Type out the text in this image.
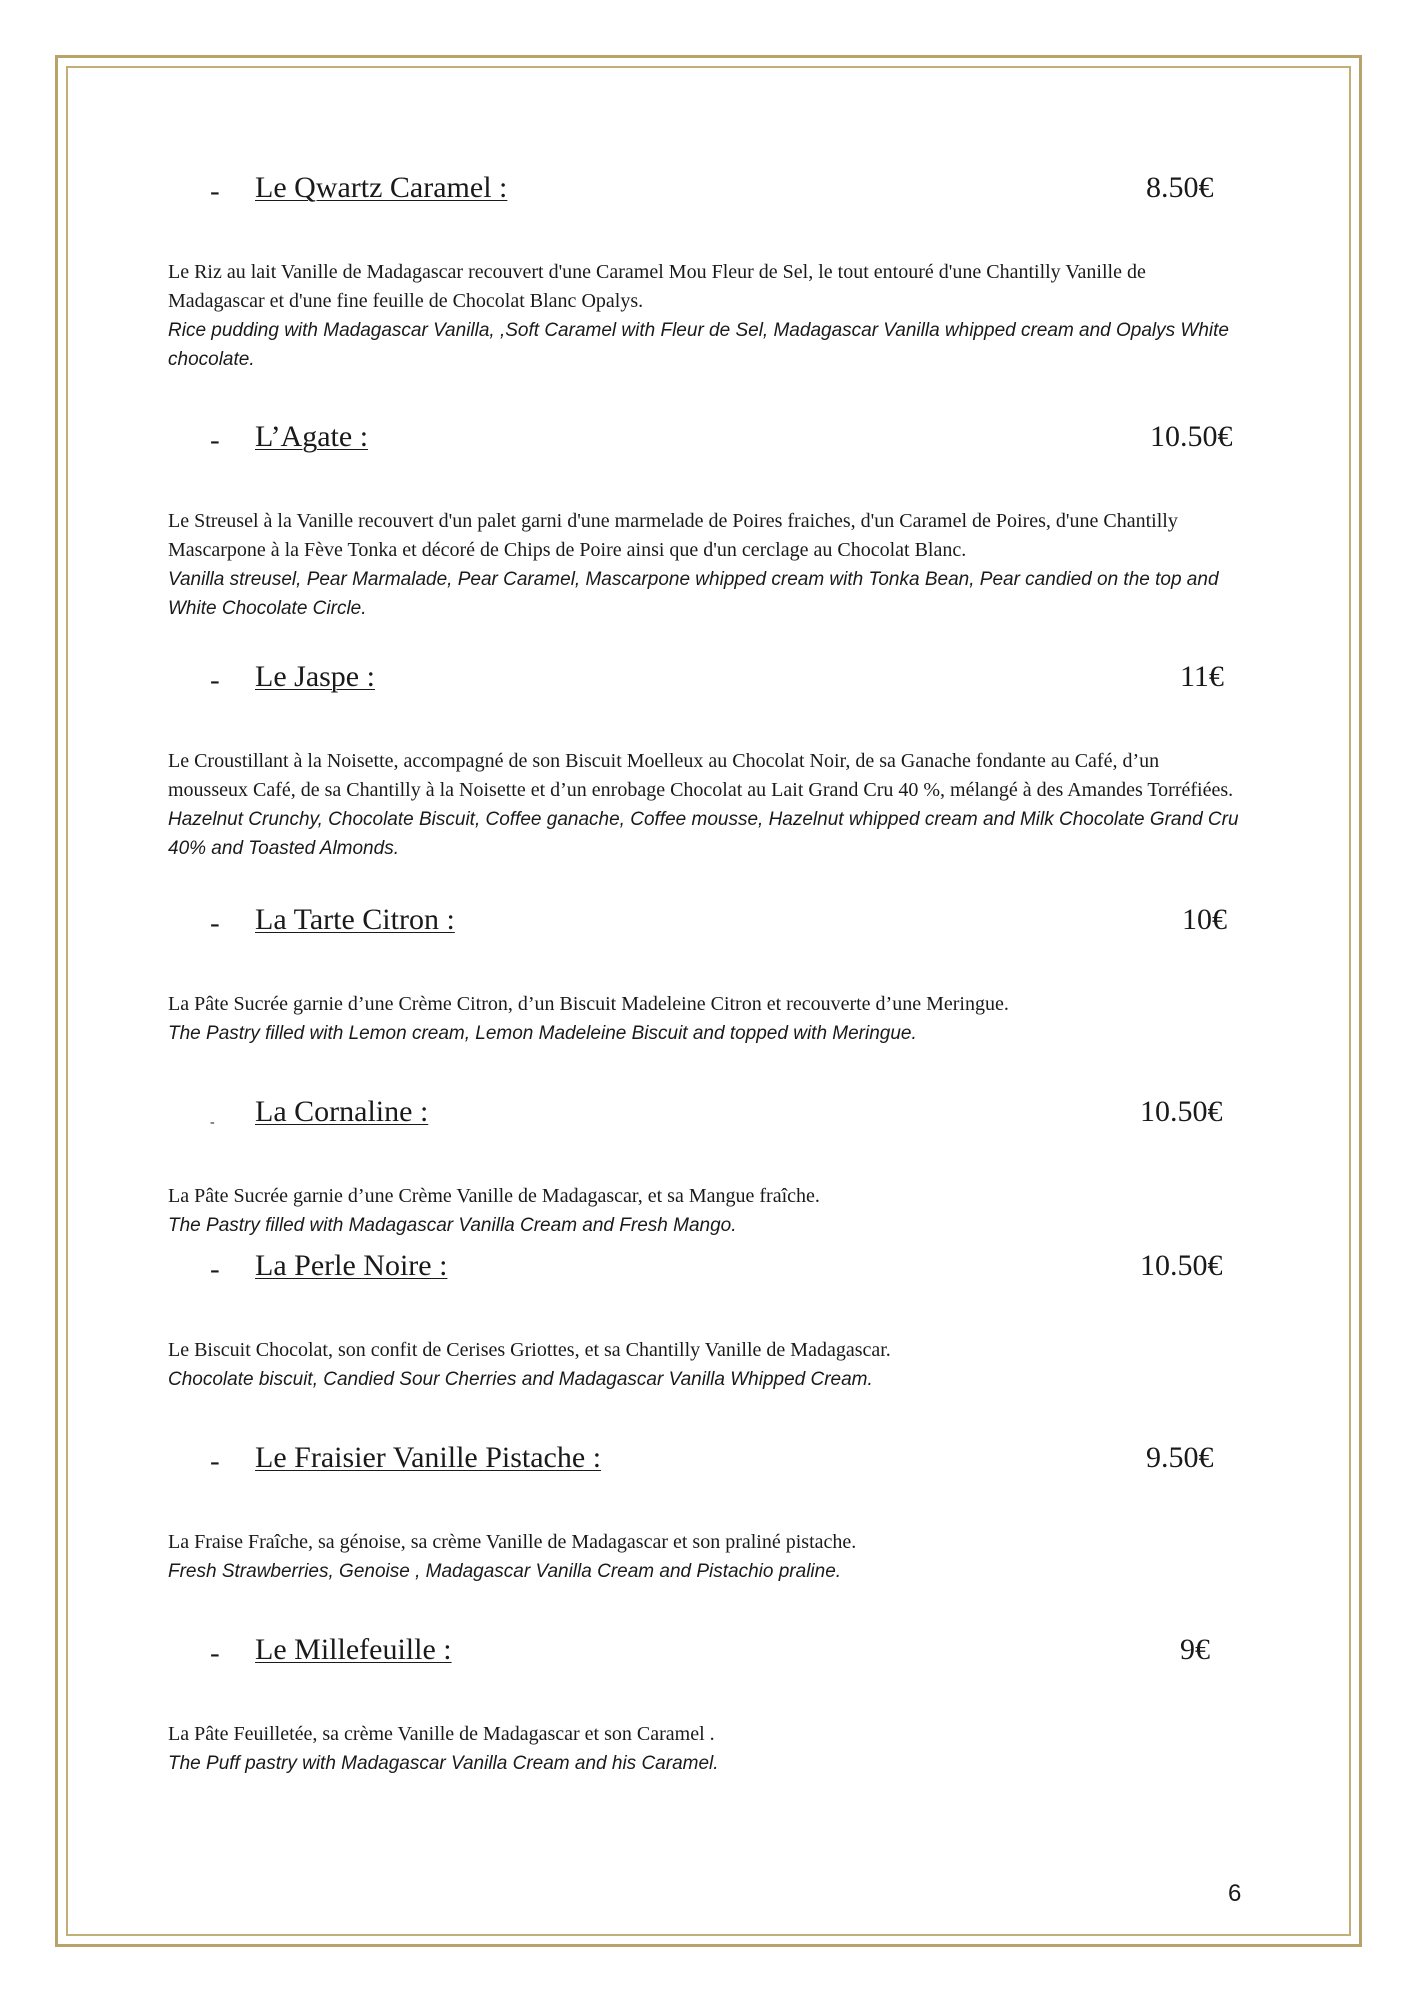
- Le Qwartz Caramel :	8.50€
Le Riz au lait Vanille de Madagascar recouvert d'une Caramel Mou Fleur de Sel, le tout entouré d'une Chantilly Vanille de Madagascar et d'une fine feuille de Chocolat Blanc Opalys.
Rice pudding with Madagascar Vanilla, ,Soft Caramel with Fleur de Sel, Madagascar Vanilla whipped cream and Opalys White chocolate.
- L’Agate :	10.50€
Le Streusel à la Vanille recouvert d'un palet garni d'une marmelade de Poires fraiches, d'un Caramel de Poires, d'une Chantilly Mascarpone à la Fève Tonka et décoré de Chips de Poire ainsi que d'un cerclage au Chocolat Blanc.
Vanilla streusel, Pear Marmalade, Pear Caramel, Mascarpone whipped cream with Tonka Bean, Pear candied on the top and White Chocolate Circle.
- Le Jaspe :	11€
Le Croustillant à la Noisette, accompagné de son Biscuit Moelleux au Chocolat Noir, de sa Ganache fondante au Café, d’un mousseux Café, de sa Chantilly à la Noisette et d’un enrobage Chocolat au Lait Grand Cru 40 %, mélangé à des Amandes Torréfiées.
Hazelnut Crunchy, Chocolate Biscuit, Coffee ganache, Coffee mousse, Hazelnut whipped cream and Milk Chocolate Grand Cru 40% and Toasted Almonds.
- La Tarte Citron :	10€
La Pâte Sucrée garnie d’une Crème Citron, d’un Biscuit Madeleine Citron et recouverte d’une Meringue.
The Pastry filled with Lemon cream, Lemon Madeleine Biscuit and topped with Meringue.
- La Cornaline :	10.50€
La Pâte Sucrée garnie d’une Crème Vanille de Madagascar, et sa Mangue fraîche.
The Pastry filled with Madagascar Vanilla Cream and Fresh Mango.
- La Perle Noire :	10.50€
Le Biscuit Chocolat, son confit de Cerises Griottes, et sa Chantilly Vanille de Madagascar.
Chocolate biscuit, Candied Sour Cherries and Madagascar Vanilla Whipped Cream.
- Le Fraisier Vanille Pistache :	9.50€
La Fraise Fraîche, sa génoise, sa crème Vanille de Madagascar et son praliné pistache.
Fresh Strawberries, Genoise , Madagascar Vanilla Cream and Pistachio praline.
- Le Millefeuille :	9€
La Pâte Feuilletée, sa crème Vanille de Madagascar et son Caramel .
The Puff pastry with Madagascar Vanilla Cream and his Caramel.
6
